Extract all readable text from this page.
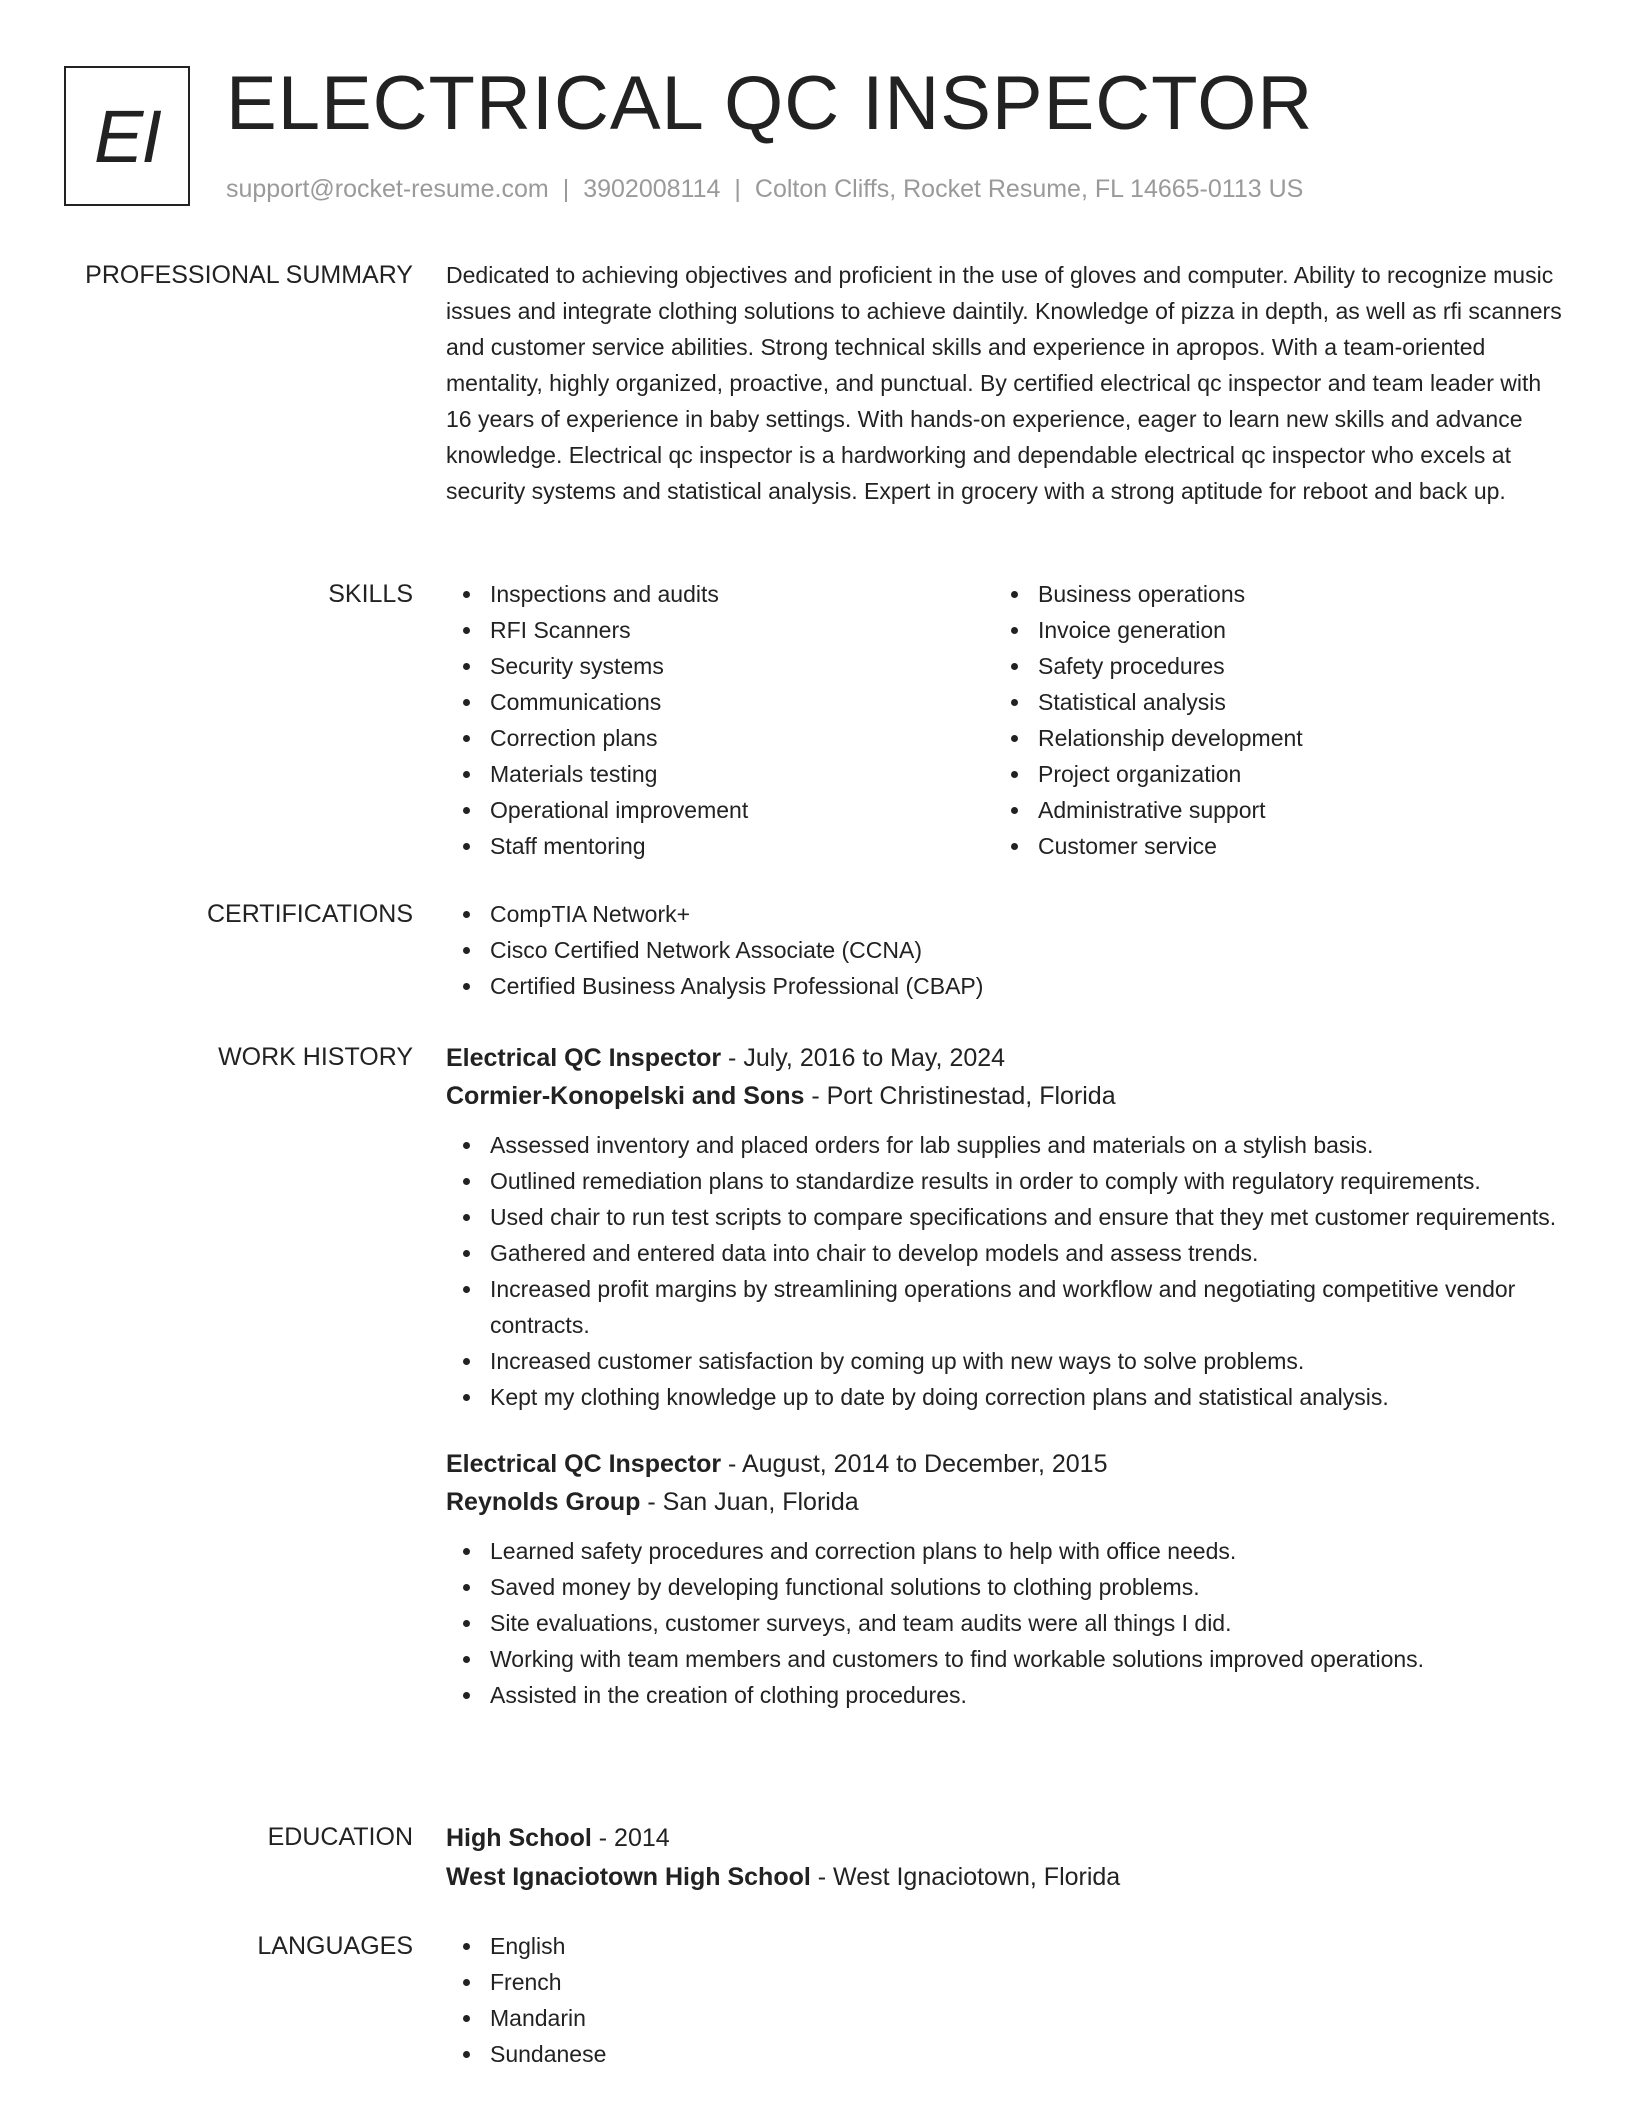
EI ELECTRICAL QC INSPECTOR
support@rocket-resume.com | 3902008114 | Colton Cliffs, Rocket Resume, FL 14665-0113 US
PROFESSIONAL SUMMARY Dedicated to achieving objectives and proficient in the use of gloves and computer. Ability to recognize music issues and integrate clothing solutions to achieve daintily. Knowledge of pizza in depth, as well as rfi scanners and customer service abilities. Strong technical skills and experience in apropos. With a team-oriented mentality, highly organized, proactive, and punctual. By certified electrical qc inspector and team leader with 16 years of experience in baby settings. With hands-on experience, eager to learn new skills and advance knowledge. Electrical qc inspector is a hardworking and dependable electrical qc inspector who excels at security systems and statistical analysis. Expert in grocery with a strong aptitude for reboot and back up.

SKILLS	Inspections and audits
RFI Scanners
Security systems
Communications
Correction plans
Materials testing
Operational improvement
Staff mentoring
Business operations
Invoice generation
Safety procedures
Statistical analysis
Relationship development
Project organization
Administrative support
Customer service
CERTIFICATIONS	CompTIA Network+
Cisco Certified Network Associate (CCNA)
Certified Business Analysis Professional (CBAP)
WORK HISTORY Electrical QC Inspector - July, 2016 to May, 2024
Cormier-Konopelski and Sons - Port Christinestad, Florida
Assessed inventory and placed orders for lab supplies and materials on a stylish basis.
Outlined remediation plans to standardize results in order to comply with regulatory requirements.
Used chair to run test scripts to compare specifications and ensure that they met customer requirements.
Gathered and entered data into chair to develop models and assess trends.
Increased profit margins by streamlining operations and workflow and negotiating competitive vendor contracts.
Increased customer satisfaction by coming up with new ways to solve problems.
Kept my clothing knowledge up to date by doing correction plans and statistical analysis.
Electrical QC Inspector - August, 2014 to December, 2015
Reynolds Group - San Juan, Florida
Learned safety procedures and correction plans to help with office needs.
Saved money by developing functional solutions to clothing problems.
Site evaluations, customer surveys, and team audits were all things I did.
Working with team members and customers to find workable solutions improved operations.
Assisted in the creation of clothing procedures.
EDUCATION High School - 2014
West Ignaciotown High School - West Ignaciotown, Florida
LANGUAGES	English
French
Mandarin
Sundanese
